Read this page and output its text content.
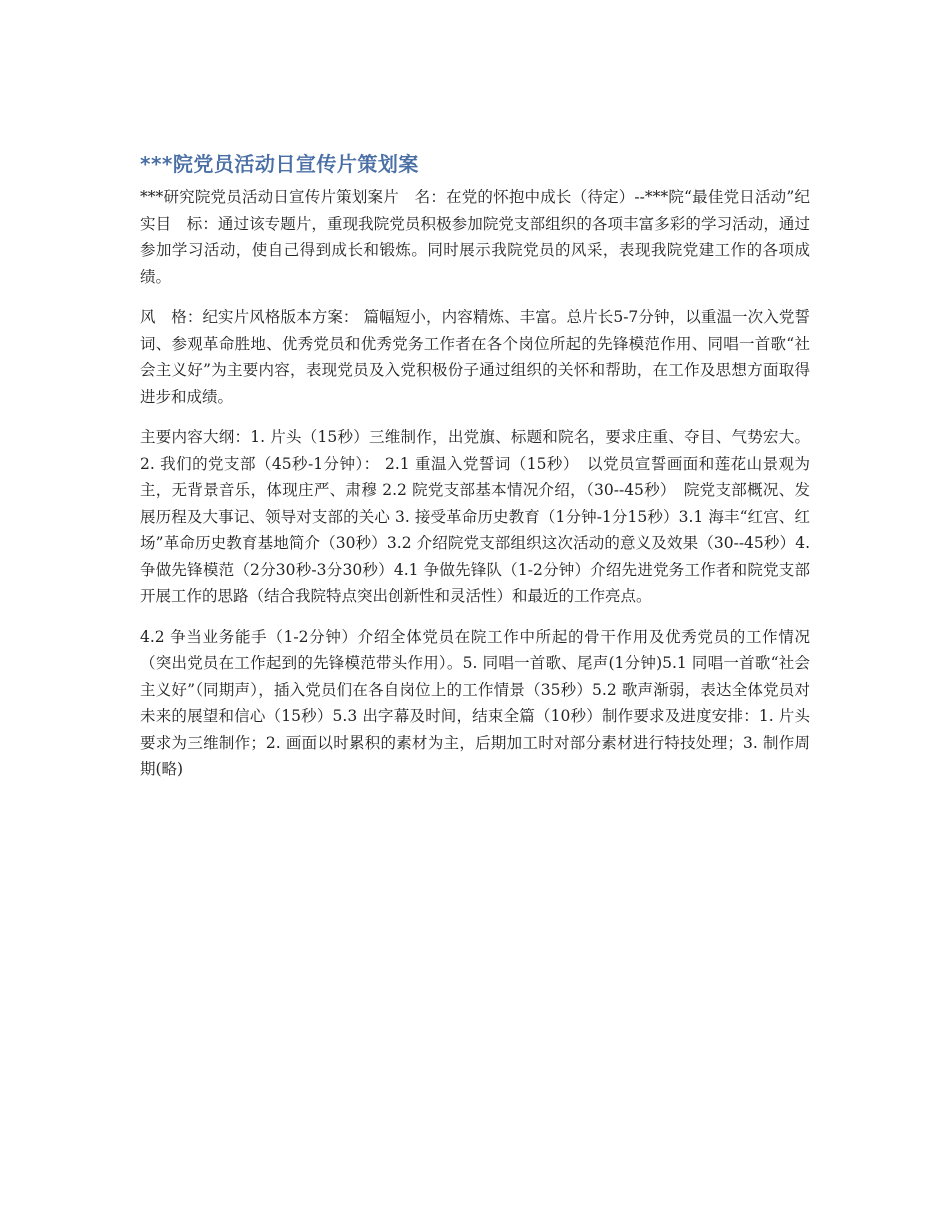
***院党员活动日宣传片策划案

***研究院党员活动日宣传片策划案片　名：在党的怀抱中成长（待定）--***院“最佳党日活动”纪实目　标：通过该专题片，重现我院党员积极参加院党支部组织的各项丰富多彩的学习活动，通过参加学习活动，使自己得到成长和锻炼。同时展示我院党员的风采，表现我院党建工作的各项成绩。

风　格：纪实片风格版本方案： 篇幅短小，内容精炼、丰富。总片长5-7分钟，以重温一次入党誓词、参观革命胜地、优秀党员和优秀党务工作者在各个岗位所起的先锋模范作用、同唱一首歌“社会主义好”为主要内容，表现党员及入党积极份子通过组织的关怀和帮助，在工作及思想方面取得进步和成绩。

主要内容大纲：1. 片头（15秒）三维制作，出党旗、标题和院名，要求庄重、夺目、气势宏大。2. 我们的党支部（45秒-1分钟）： 2.1 重温入党誓词（15秒）　以党员宣誓画面和莲花山景观为主，无背景音乐，体现庄严、肃穆 2.2 院党支部基本情况介绍，（30--45秒）　院党支部概况、发展历程及大事记、领导对支部的关心 3. 接受革命历史教育（1分钟-1分15秒）3.1 海丰“红宫、红场”革命历史教育基地简介（30秒）3.2 介绍院党支部组织这次活动的意义及效果（30--45秒）4. 争做先锋模范（2分30秒-3分30秒）4.1 争做先锋队（1-2分钟）介绍先进党务工作者和院党支部开展工作的思路（结合我院特点突出创新性和灵活性）和最近的工作亮点。

4.2 争当业务能手（1-2分钟）介绍全体党员在院工作中所起的骨干作用及优秀党员的工作情况（突出党员在工作起到的先锋模范带头作用）。5. 同唱一首歌、尾声(1分钟)5.1 同唱一首歌“社会主义好”（同期声），插入党员们在各自岗位上的工作情景（35秒）5.2 歌声渐弱，表达全体党员对未来的展望和信心（15秒）5.3 出字幕及时间，结束全篇（10秒）制作要求及进度安排：1. 片头要求为三维制作；2. 画面以时累积的素材为主，后期加工时对部分素材进行特技处理；3. 制作周期(略)
